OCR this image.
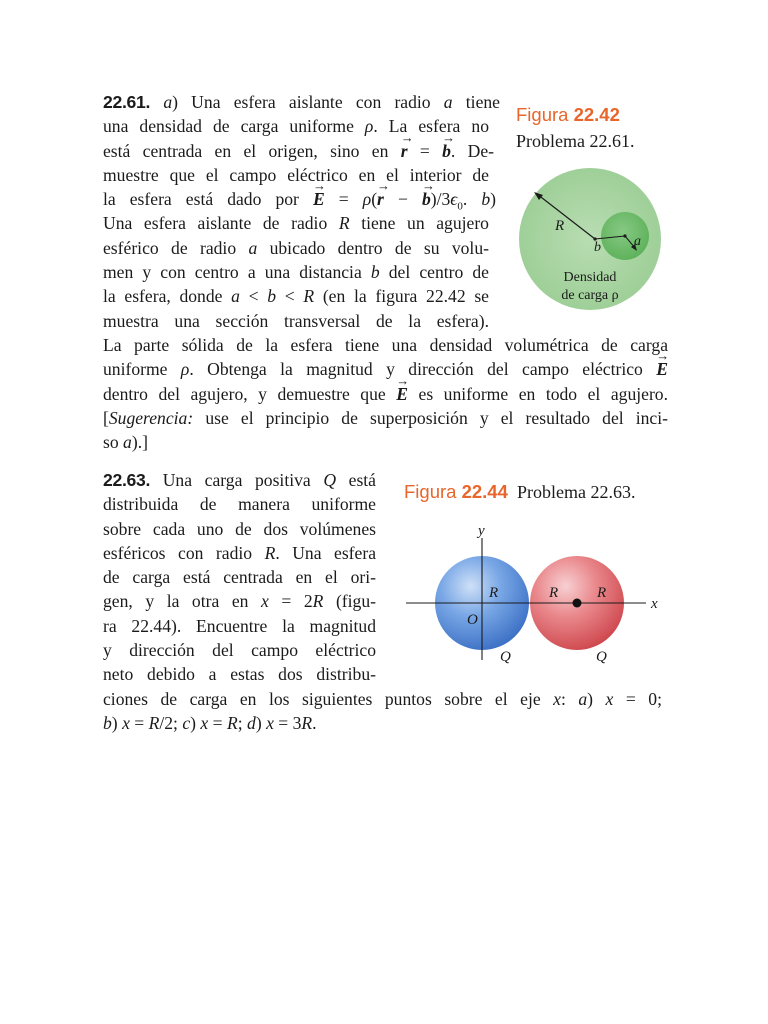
22.61. a) Una esfera aislante con radio a tiene
una densidad de carga uniforme ρ. La esfera no
está centrada en el origen, sino en → r = → b. De-
muestre que el campo eléctrico en el interior de
la esfera está dado por → E = ρ(→ r − → $b)/3\epsilon_0$. b)
Una esfera aislante de radio R tiene un agujero
esférico de radio a ubicado dentro de su volu-
men y con centro a una distancia b del centro de
la esfera, donde a < b < R (en la figura 22.42 se
muestra una sección transversal de la esfera).
La parte sólida de la esfera tiene una densidad volumétrica de carga
uniforme ρ. Obtenga la magnitud y dirección del campo eléctrico → E
dentro del agujero, y demuestre que → E es uniforme en todo el agujero.
[Sugerencia: use el principio de superposición y el resultado del inci-
so a).]
Figura 22.42
Problema 22.61.
R
b a
Densidad
de carga ρ
22.63. Una carga positiva Q está
distribuida de manera uniforme
sobre cada uno de dos volúmenes
esféricos con radio R. Una esfera
de carga está centrada en el ori-
gen, y la otra en x = 2R (figu-
ra 22.44). Encuentre la magnitud
y dirección del campo eléctrico
neto debido a estas dos distribu-
ciones de carga en los siguientes puntos sobre el eje x: a) x = 0;
b) x = R/2; c) x = R; d) x = 3R.
Figura 22.44 Problema 22.63.
y
x
R
O
R	R
Q	Q
